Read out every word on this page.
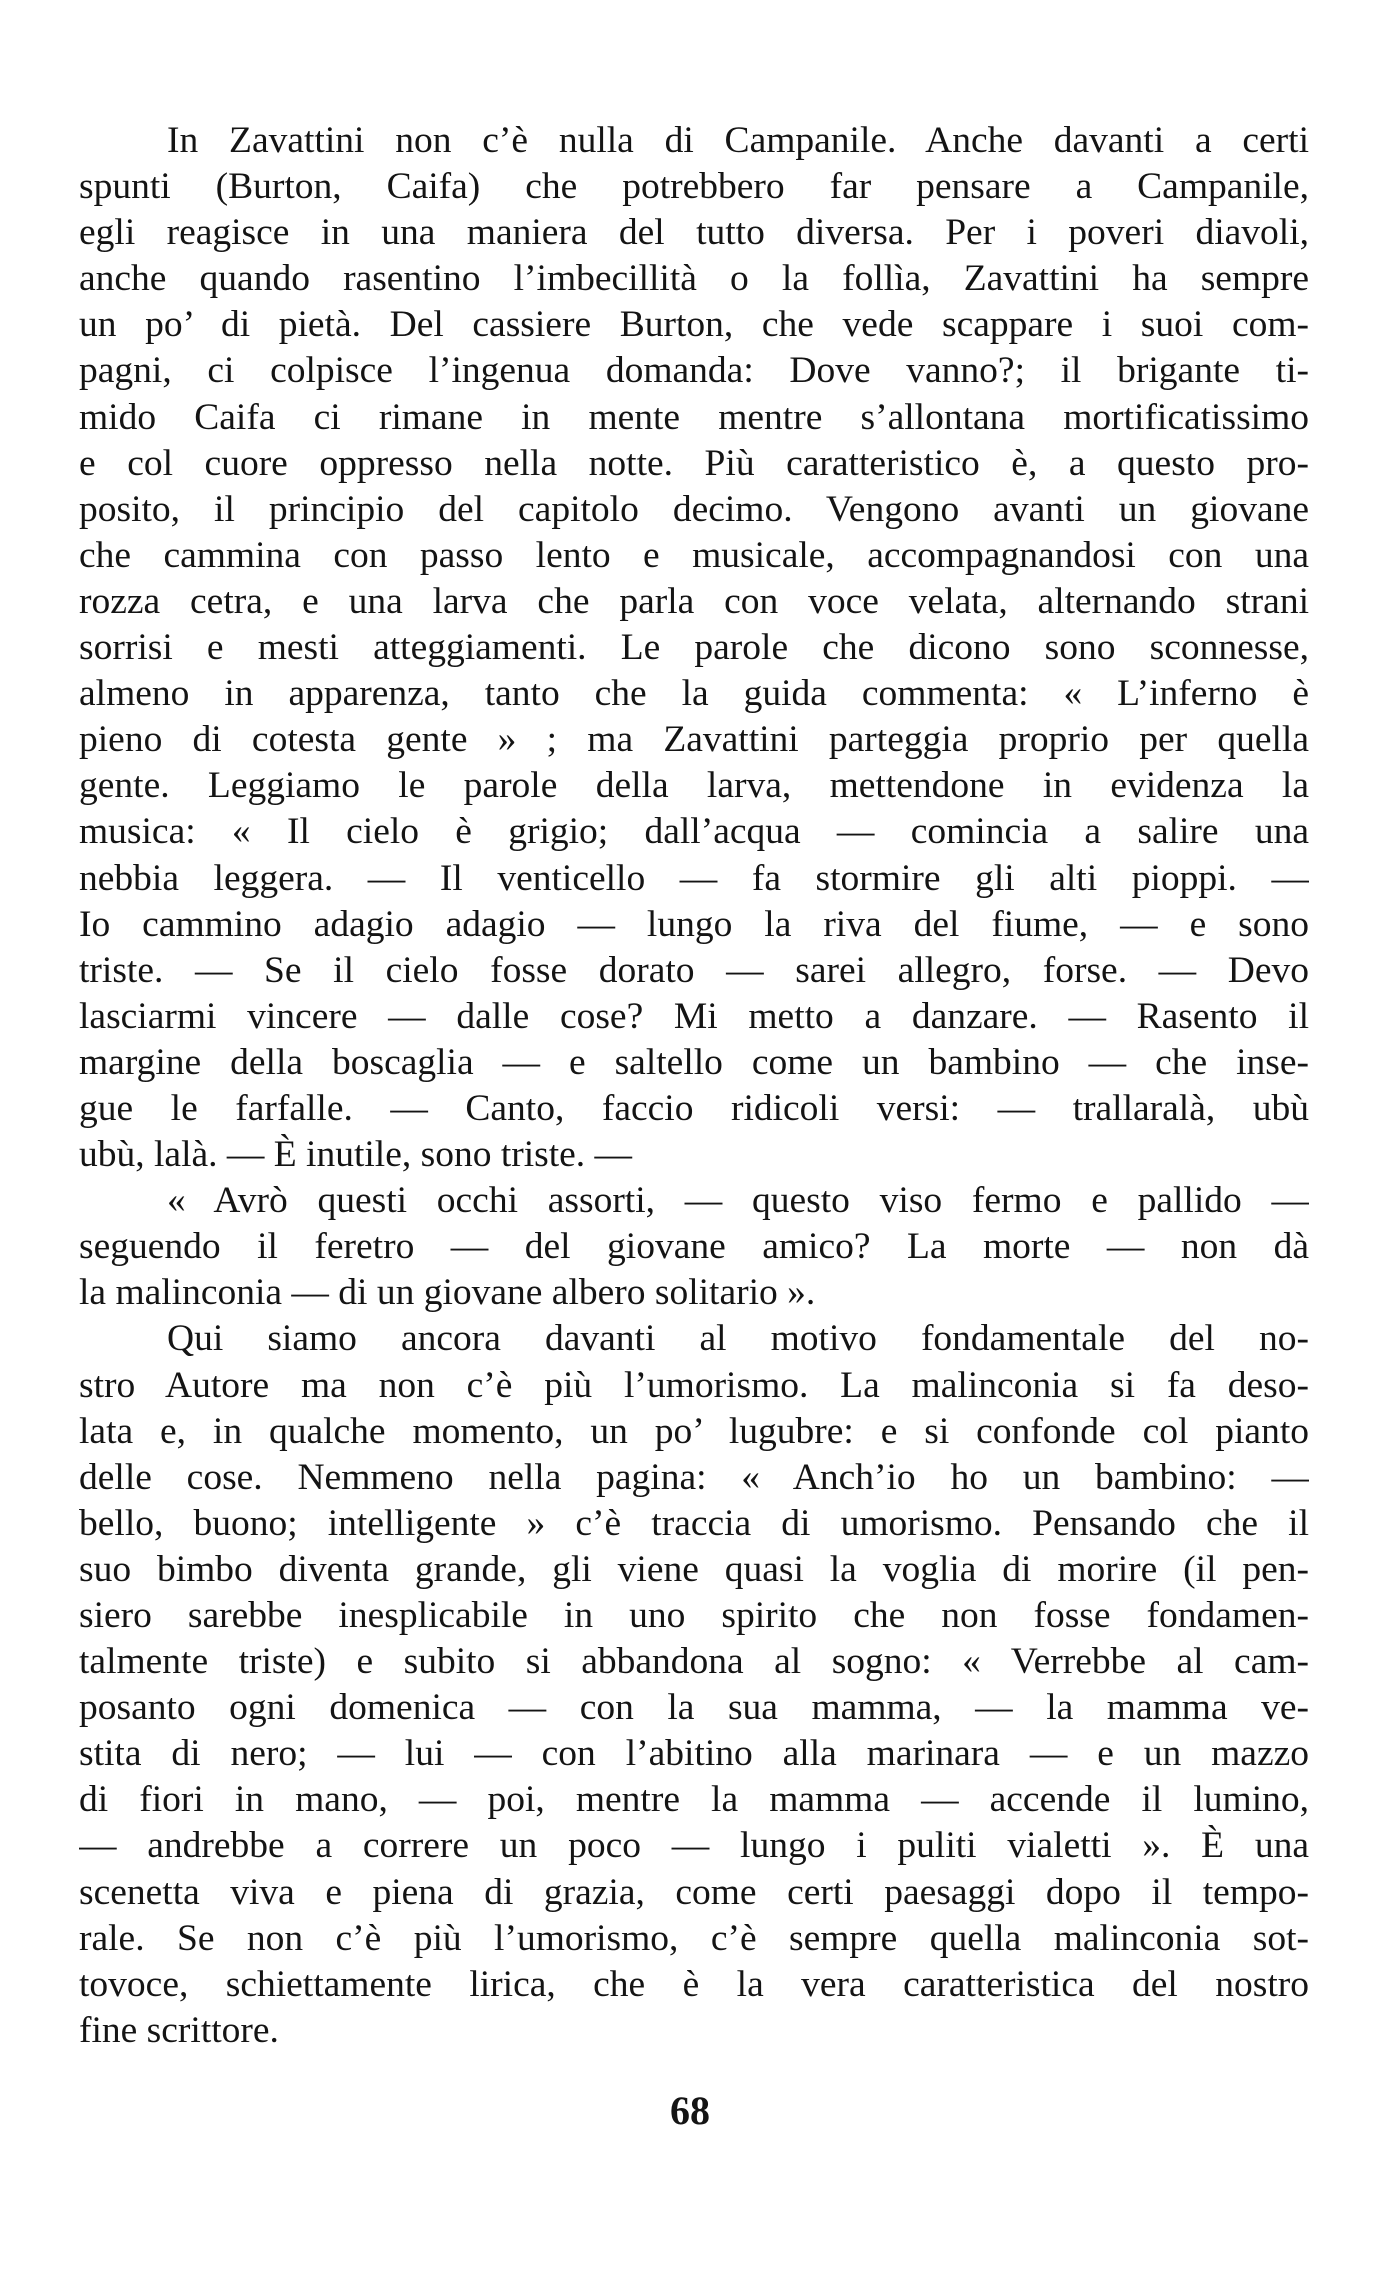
In Zavattini non c’è nulla di Campanile. Anche davanti a certi
spunti (Burton, Caifa) che potrebbero far pensare a Campanile,
egli reagisce in una maniera del tutto diversa. Per i poveri diavoli,
anche quando rasentino l’imbecillità o la follìa, Zavattini ha sempre
un po’ di pietà. Del cassiere Burton, che vede scappare i suoi com-
pagni, ci colpisce l’ingenua domanda: Dove vanno?; il brigante ti-
mido Caifa ci rimane in mente mentre s’allontana mortificatissimo
e col cuore oppresso nella notte. Più caratteristico è, a questo pro-
posito, il principio del capitolo decimo. Vengono avanti un giovane
che cammina con passo lento e musicale, accompagnandosi con una
rozza cetra, e una larva che parla con voce velata, alternando strani
sorrisi e mesti atteggiamenti. Le parole che dicono sono sconnesse,
almeno in apparenza, tanto che la guida commenta: « L’inferno è
pieno di cotesta gente » ; ma Zavattini parteggia proprio per quella
gente. Leggiamo le parole della larva, mettendone in evidenza la
musica: « Il cielo è grigio; dall’acqua — comincia a salire una
nebbia leggera. — Il venticello — fa stormire gli alti pioppi. —
Io cammino adagio adagio — lungo la riva del fiume, — e sono
triste. — Se il cielo fosse dorato — sarei allegro, forse. — Devo
lasciarmi vincere — dalle cose? Mi metto a danzare. — Rasento il
margine della boscaglia — e saltello come un bambino — che inse-
gue le farfalle. — Canto, faccio ridicoli versi: — trallaralà, ubù
ubù, lalà. — È inutile, sono triste. —
« Avrò questi occhi assorti, — questo viso fermo e pallido —
seguendo il feretro — del giovane amico? La morte — non dà
la malinconia — di un giovane albero solitario ».
Qui siamo ancora davanti al motivo fondamentale del no-
stro Autore ma non c’è più l’umorismo. La malinconia si fa deso-
lata e, in qualche momento, un po’ lugubre: e si confonde col pianto
delle cose. Nemmeno nella pagina: « Anch’io ho un bambino: —
bello, buono; intelligente » c’è traccia di umorismo. Pensando che il
suo bimbo diventa grande, gli viene quasi la voglia di morire (il pen-
siero sarebbe inesplicabile in uno spirito che non fosse fondamen-
talmente triste) e subito si abbandona al sogno: « Verrebbe al cam-
posanto ogni domenica — con la sua mamma, — la mamma ve-
stita di nero; — lui — con l’abitino alla marinara — e un mazzo
di fiori in mano, — poi, mentre la mamma — accende il lumino,
— andrebbe a correre un poco — lungo i puliti vialetti ». È una
scenetta viva e piena di grazia, come certi paesaggi dopo il tempo-
rale. Se non c’è più l’umorismo, c’è sempre quella malinconia sot-
tovoce, schiettamente lirica, che è la vera caratteristica del nostro
fine scrittore.
68
